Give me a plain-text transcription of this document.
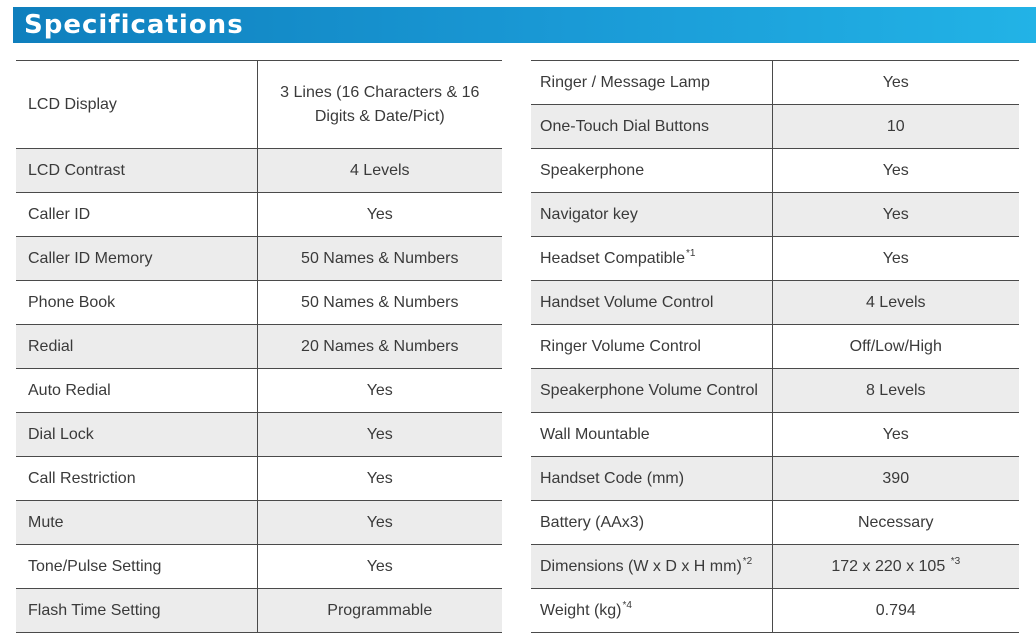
Specifications
LCD Display	3 Lines (16 Characters & 16 Digits & Date/Pict)
LCD Contrast	4 Levels
Caller ID	Yes
Caller ID Memory	50 Names & Numbers
Phone Book	50 Names & Numbers
Redial	20 Names & Numbers
Auto Redial	Yes
Dial Lock	Yes
Call Restriction	Yes
Mute	Yes
Tone/Pulse Setting	Yes
Flash Time Setting	Programmable
Ringer / Message Lamp	Yes
One-Touch Dial Buttons	10
Speakerphone	Yes
Navigator key	Yes
Headset Compatible$^{*1}$	Yes
Handset Volume Control	4 Levels
Ringer Volume Control	Off/Low/High
Speakerphone Volume Control	8 Levels
Wall Mountable	Yes
Handset Code (mm)	390
Battery (AAx3)	Necessary
Dimensions (W x D x H mm)$^{*2}$	172 x 220 x 105 $^{*3}$
Weight (kg)$^{*4}$	0.794
